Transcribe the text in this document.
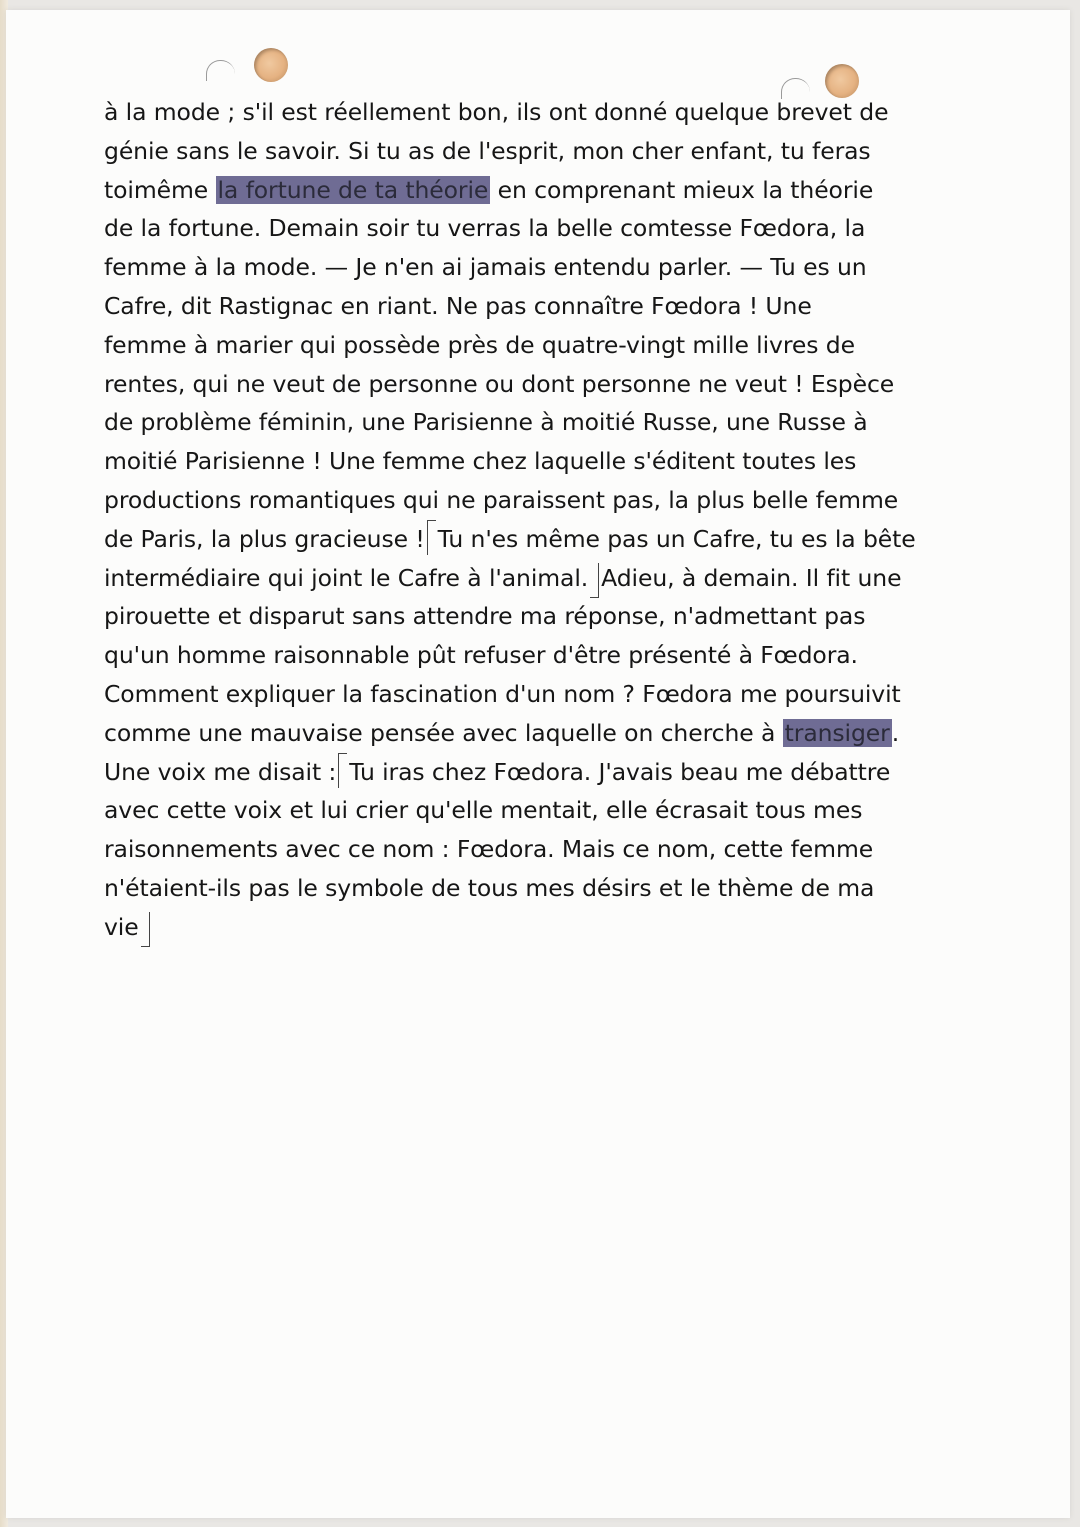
à la mode ; s'il est réellement bon, ils ont donné quelque brevet de
génie sans le savoir. Si tu as de l'esprit, mon cher enfant, tu feras
toimême la fortune de ta théorie en comprenant mieux la théorie
de la fortune. Demain soir tu verras la belle comtesse Fœdora, la
femme à la mode. — Je n'en ai jamais entendu parler. — Tu es un
Cafre, dit Rastignac en riant. Ne pas connaître Fœdora ! Une
femme à marier qui possède près de quatre-vingt mille livres de
rentes, qui ne veut de personne ou dont personne ne veut ! Espèce
de problème féminin, une Parisienne à moitié Russe, une Russe à
moitié Parisienne ! Une femme chez laquelle s'éditent toutes les
productions romantiques qui ne paraissent pas, la plus belle femme
de Paris, la plus gracieuse ! Tu n'es même pas un Cafre, tu es la bête
intermédiaire qui joint le Cafre à l'animal. Adieu, à demain. Il fit une
pirouette et disparut sans attendre ma réponse, n'admettant pas
qu'un homme raisonnable pût refuser d'être présenté à Fœdora.
Comment expliquer la fascination d'un nom ? Fœdora me poursuivit
comme une mauvaise pensée avec laquelle on cherche à transiger.
Une voix me disait : Tu iras chez Fœdora. J'avais beau me débattre
avec cette voix et lui crier qu'elle mentait, elle écrasait tous mes
raisonnements avec ce nom : Fœdora. Mais ce nom, cette femme
n'étaient-ils pas le symbole de tous mes désirs et le thème de ma
vie
